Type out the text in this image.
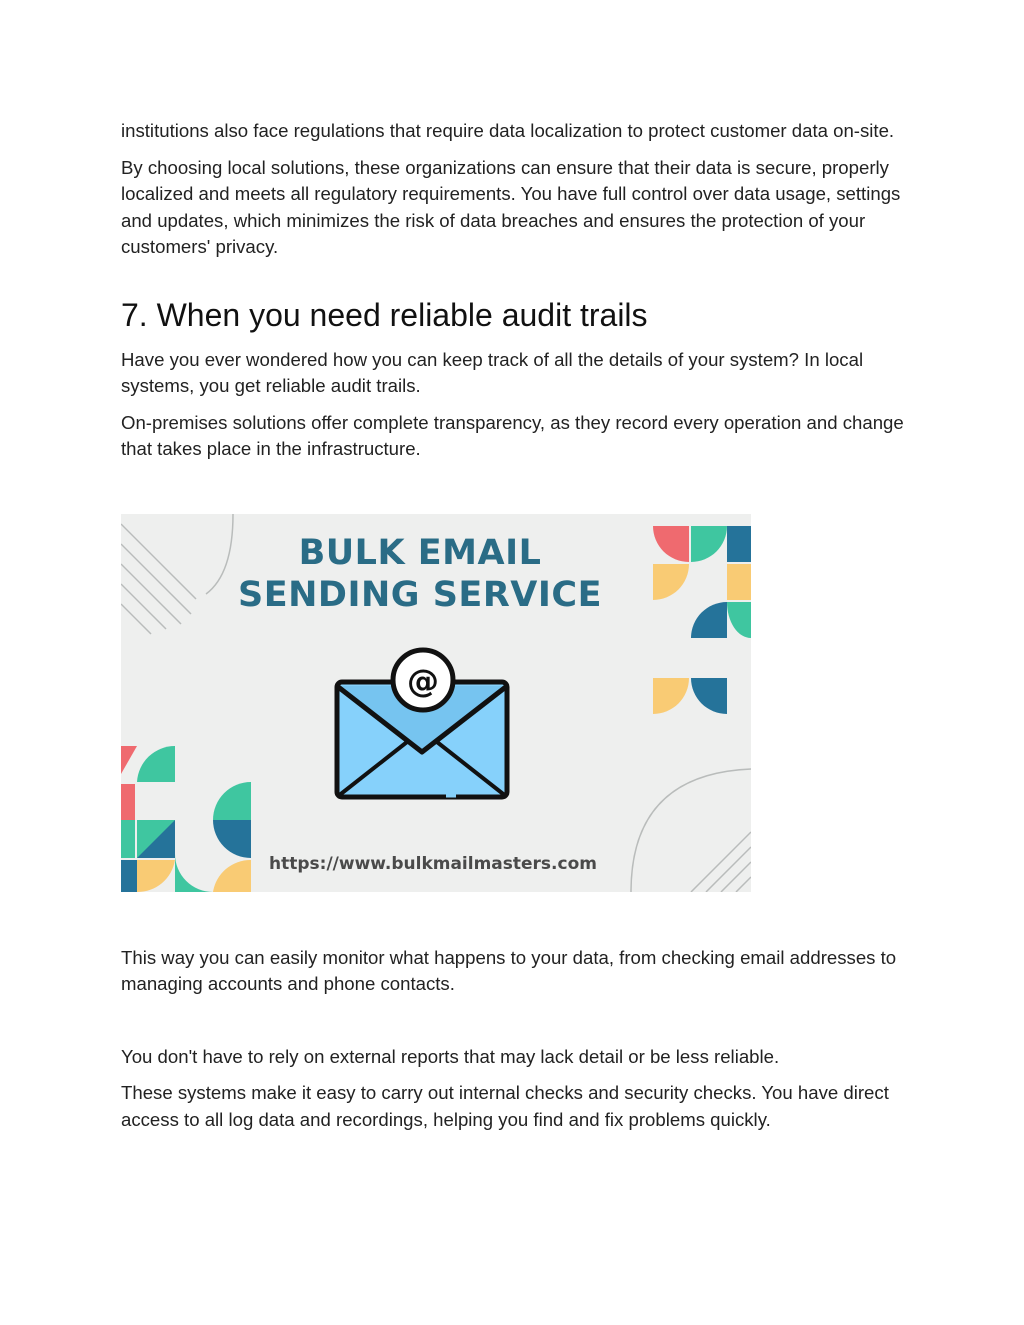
institutions also face regulations that require data localization to protect customer data on-site.

By choosing local solutions, these organizations can ensure that their data is secure, properly localized and meets all regulatory requirements. You have full control over data usage, settings and updates, which minimizes the risk of data breaches and ensures the protection of your customers' privacy.

7. When you need reliable audit trails

Have you ever wondered how you can keep track of all the details of your system? In local systems, you get reliable audit trails.

On-premises solutions offer complete transparency, as they record every operation and change that takes place in the infrastructure.

@
BULK EMAIL
SENDING SERVICE
https://www.bulkmailmasters.com

This way you can easily monitor what happens to your data, from checking email addresses to managing accounts and phone contacts.

You don't have to rely on external reports that may lack detail or be less reliable.

These systems make it easy to carry out internal checks and security checks. You have direct access to all log data and recordings, helping you find and fix problems quickly.
